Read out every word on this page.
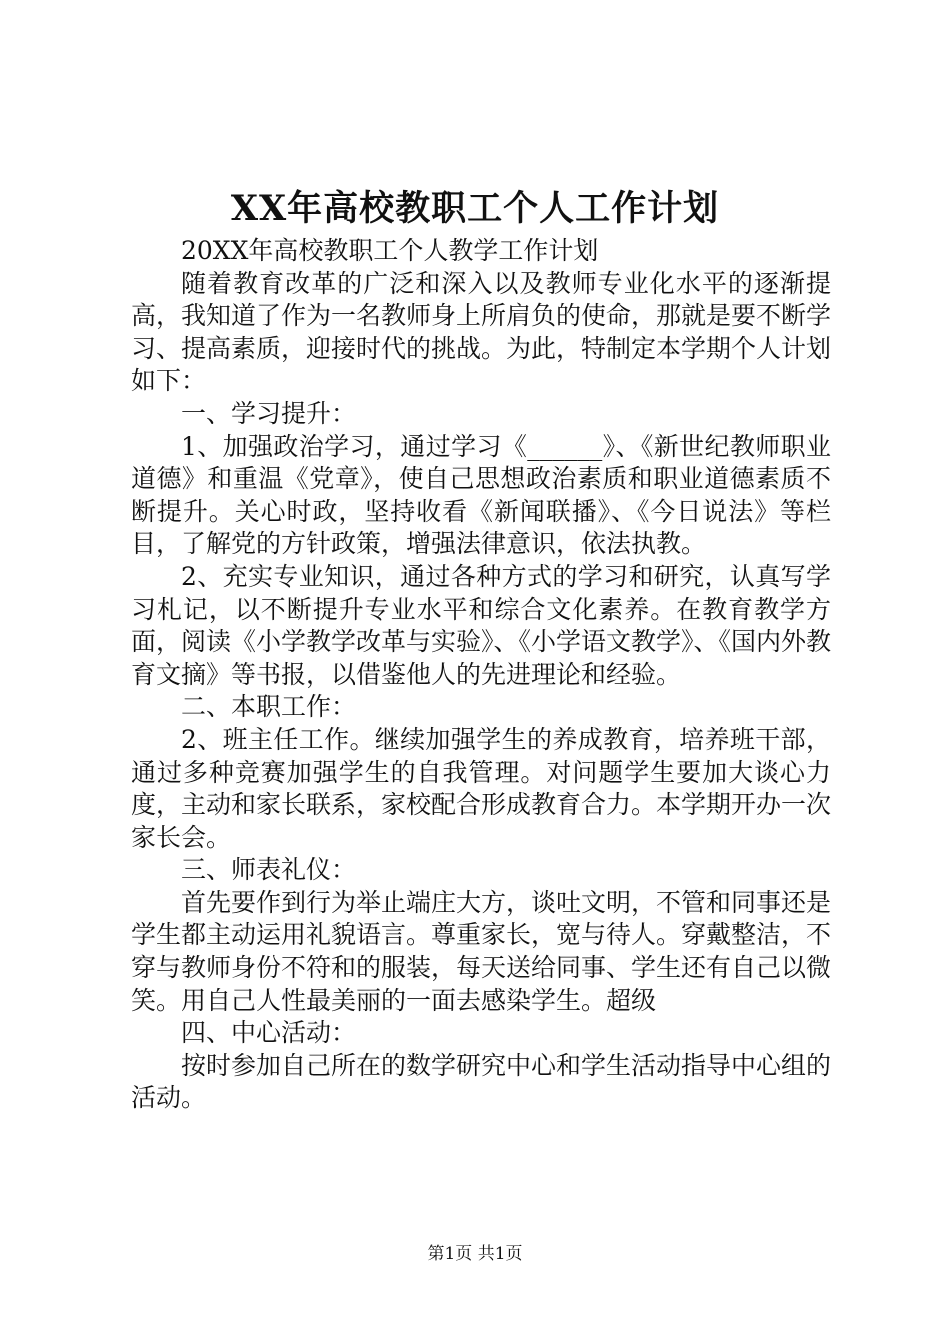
XX年高校教职工个人工作计划

20XX年高校教职工个人教学工作计划

随着教育改革的广泛和深入以及教师专业化水平的逐渐提高，我知道了作为一名教师身上所肩负的使命，那就是要不断学习、提高素质，迎接时代的挑战。为此，特制定本学期个人计划如下：

一、学习提升：

1、加强政治学习，通过学习《______》、《新世纪教师职业道德》和重温《党章》，使自己思想政治素质和职业道德素质不断提升。关心时政，坚持收看《新闻联播》、《今日说法》等栏目，了解党的方针政策，增强法律意识，依法执教。

2、充实专业知识，通过各种方式的学习和研究，认真写学习札记，以不断提升专业水平和综合文化素养。在教育教学方面，阅读《小学教学改革与实验》、《小学语文教学》、《国内外教育文摘》等书报，以借鉴他人的先进理论和经验。

二、本职工作：

2、班主任工作。继续加强学生的养成教育，培养班干部，通过多种竞赛加强学生的自我管理。对问题学生要加大谈心力度，主动和家长联系，家校配合形成教育合力。本学期开办一次家长会。

三、师表礼仪：

首先要作到行为举止端庄大方，谈吐文明，不管和同事还是学生都主动运用礼貌语言。尊重家长，宽与待人。穿戴整洁，不穿与教师身份不符和的服装，每天送给同事、学生还有自己以微笑。用自己人性最美丽的一面去感染学生。超级

四、中心活动：

按时参加自己所在的数学研究中心和学生活动指导中心组的活动。

第1页 共1页
